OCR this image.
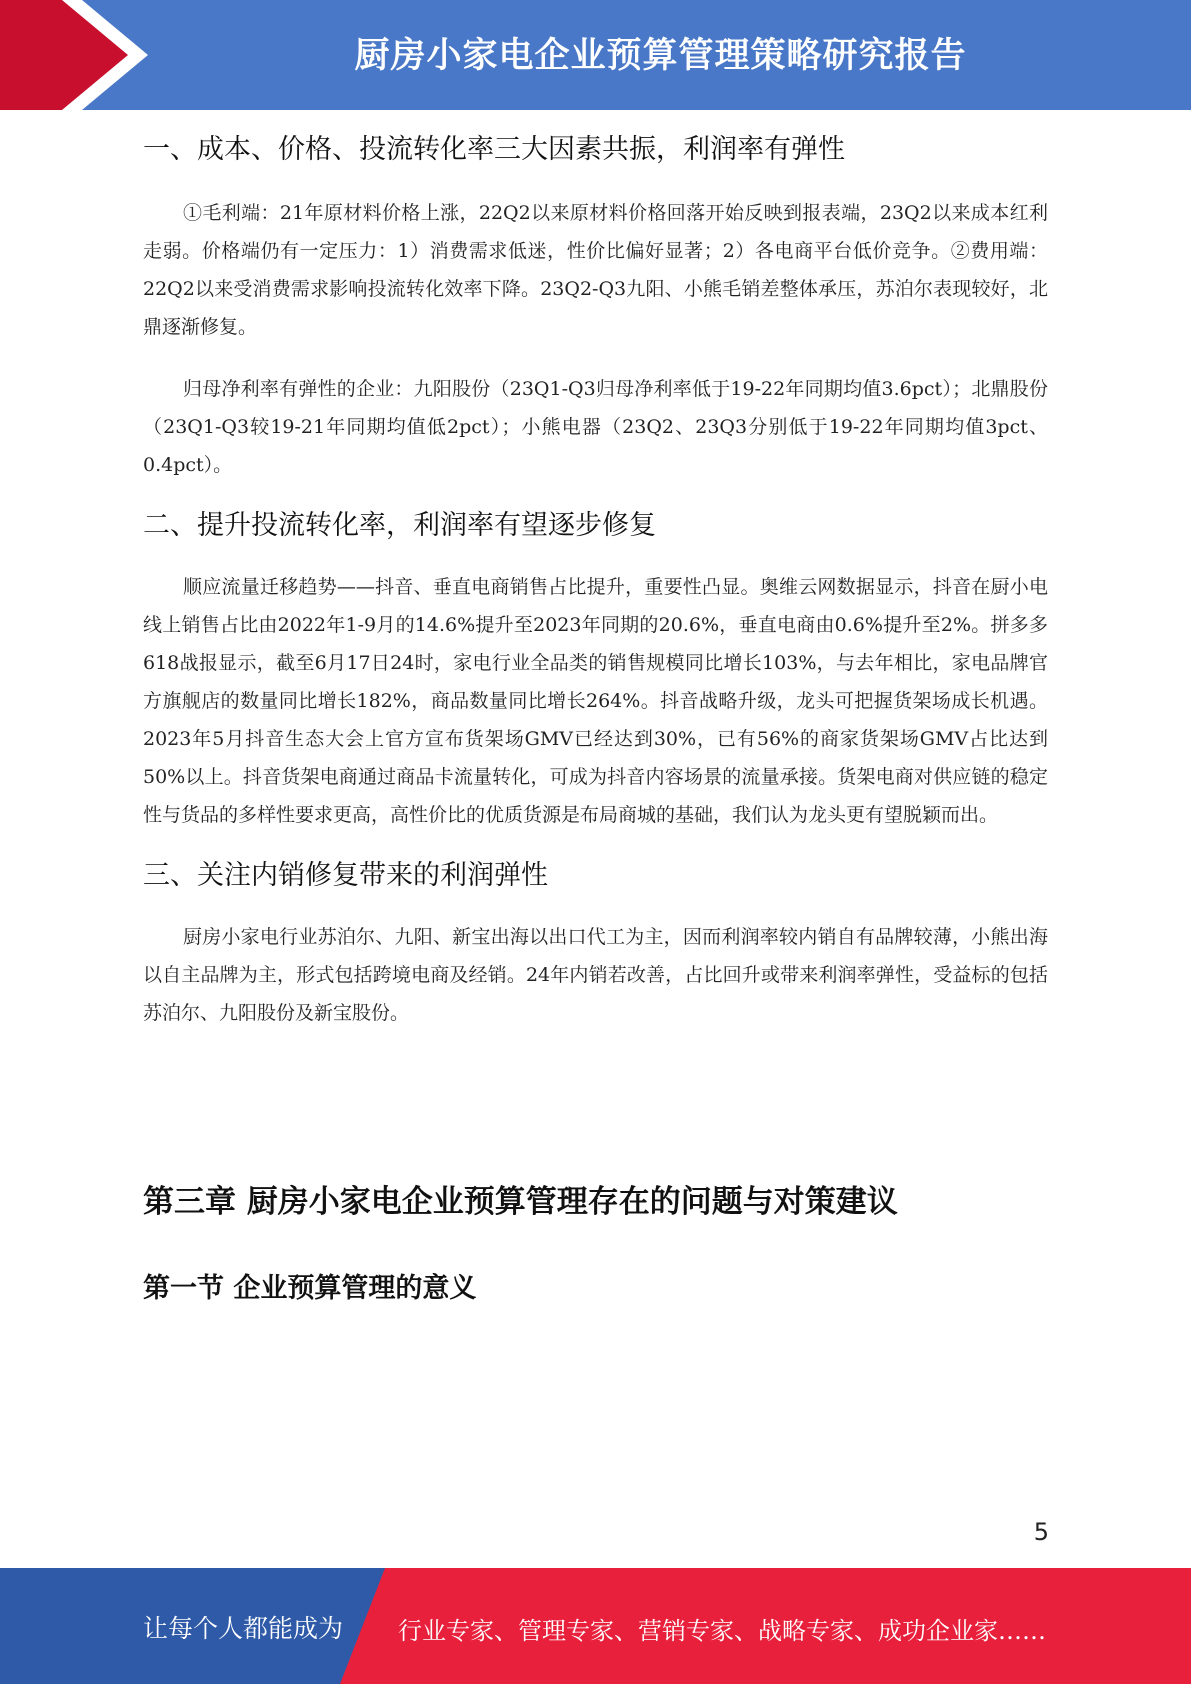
厨房小家电企业预算管理策略研究报告
一、成本、价格、投流转化率三大因素共振，利润率有弹性

①毛利端：21年原材料价格上涨，22Q2以来原材料价格回落开始反映到报表端，23Q2以来成本红利走弱。价格端仍有一定压力：1）消费需求低迷，性价比偏好显著；2）各电商平台低价竞争。②费用端：22Q2以来受消费需求影响投流转化效率下降。23Q2-Q3九阳、小熊毛销差整体承压，苏泊尔表现较好，北鼎逐渐修复。

归母净利率有弹性的企业：九阳股份（23Q1-Q3归母净利率低于19-22年同期均值3.6pct）；北鼎股份（23Q1-Q3较19-21年同期均值低2pct）；小熊电器（23Q2、23Q3分别低于19-22年同期均值3pct、0.4pct）。

二、提升投流转化率，利润率有望逐步修复

顺应流量迁移趋势——抖音、垂直电商销售占比提升，重要性凸显。奥维云网数据显示，抖音在厨小电线上销售占比由2022年1-9月的14.6%提升至2023年同期的20.6%，垂直电商由0.6%提升至2%。拼多多618战报显示，截至6月17日24时，家电行业全品类的销售规模同比增长103%，与去年相比，家电品牌官方旗舰店的数量同比增长182%，商品数量同比增长264%。抖音战略升级，龙头可把握货架场成长机遇。2023年5月抖音生态大会上官方宣布货架场GMV已经达到30%，已有56%的商家货架场GMV占比达到50%以上。抖音货架电商通过商品卡流量转化，可成为抖音内容场景的流量承接。货架电商对供应链的稳定性与货品的多样性要求更高，高性价比的优质货源是布局商城的基础，我们认为龙头更有望脱颖而出。

三、关注内销修复带来的利润弹性

厨房小家电行业苏泊尔、九阳、新宝出海以出口代工为主，因而利润率较内销自有品牌较薄，小熊出海以自主品牌为主，形式包括跨境电商及经销。24年内销若改善，占比回升或带来利润率弹性，受益标的包括苏泊尔、九阳股份及新宝股份。

第三章 厨房小家电企业预算管理存在的问题与对策建议
第一节 企业预算管理的意义
5
让每个人都能成为 行业专家、管理专家、营销专家、战略专家、成功企业家……
